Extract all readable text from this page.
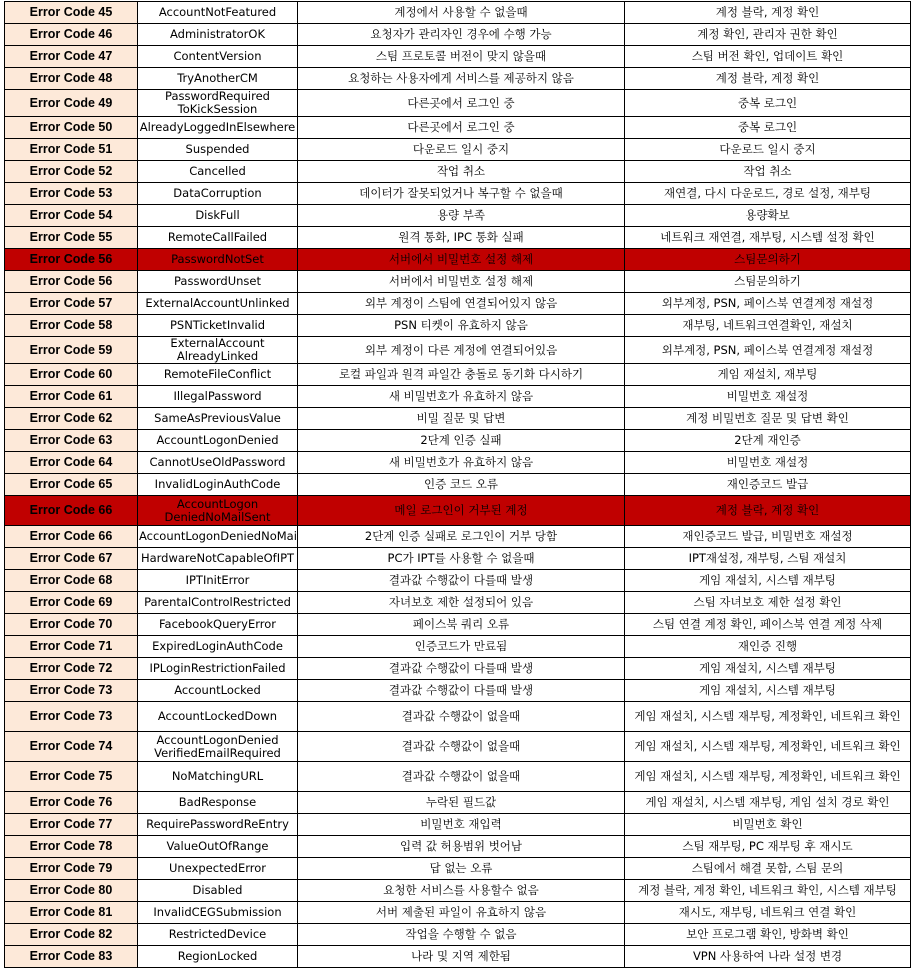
Error Code 45	AccountNotFeatured	계정에서 사용할 수 없을때	계정 블락, 계정 확인
Error Code 46	AdministratorOK	요청자가 관리자인 경우에 수행 가능	계정 확인, 관리자 권한 확인
Error Code 47	ContentVersion	스팀 프로토콜 버전이 맞지 않을때	스팀 버전 확인, 업데이트 확인
Error Code 48	TryAnotherCM	요청하는 사용자에게 서비스를 제공하지 않음	계정 블락, 계정 확인
Error Code 49	PasswordRequired ToKickSession	다른곳에서 로그인 중	중복 로그인
Error Code 50	AlreadyLoggedInElsewhere	다른곳에서 로그인 중	중복 로그인
Error Code 51	Suspended	다운로드 일시 중지	다운로드 일시 중지
Error Code 52	Cancelled	작업 취소	작업 취소
Error Code 53	DataCorruption	데이터가 잘못되었거나 복구할 수 없을때	재연결, 다시 다운로드, 경로 설정, 재부팅
Error Code 54	DiskFull	용량 부족	용량확보
Error Code 55	RemoteCallFailed	원격 통화, IPC 통화 실패	네트워크 재연결, 재부팅, 시스템 설정 확인
Error Code 56	PasswordNotSet	서버에서 비밀번호 설정 해제	스팀문의하기
Error Code 56	PasswordUnset	서버에서 비밀번호 설정 해제	스팀문의하기
Error Code 57	ExternalAccountUnlinked	외부 계정이 스팀에 연결되어있지 않음	외부계정, PSN, 페이스북 연결계정 재설정
Error Code 58	PSNTicketInvalid	PSN 티켓이 유효하지 않음	재부팅, 네트워크연결확인, 재설치
Error Code 59	ExternalAccount AlreadyLinked	외부 계정이 다른 계정에 연결되어있음	외부계정, PSN, 페이스북 연결계정 재설정
Error Code 60	RemoteFileConflict	로컬 파일과 원격 파일간 충돌로 동기화 다시하기	게임 재설치, 재부팅
Error Code 61	IllegalPassword	새 비밀번호가 유효하지 않음	비밀번호 재설정
Error Code 62	SameAsPreviousValue	비밀 질문 및 답변	계정 비밀번호 질문 및 답변 확인
Error Code 63	AccountLogonDenied	2단계 인증 실패	2단계 재인증
Error Code 64	CannotUseOldPassword	새 비밀번호가 유효하지 않음	비밀번호 재설정
Error Code 65	InvalidLoginAuthCode	인증 코드 오류	재인증코드 발급
Error Code 66	AccountLogon DeniedNoMailSent	메일 로그인이 거부된 계정	계정 블락, 계정 확인
Error Code 66	AccountLogonDeniedNoMai	2단계 인증 실패로 로그인이 거부 당함	재인증코드 발급, 비밀번호 재설정
Error Code 67	HardwareNotCapableOfIPT	PC가 IPT를 사용할 수 없을때	IPT재설정, 재부팅, 스팀 재설치
Error Code 68	IPTInitError	결과값 수행값이 다를때 발생	게임 재설치, 시스템 재부팅
Error Code 69	ParentalControlRestricted	자녀보호 제한 설정되어 있음	스팀 자녀보호 제한 설정 확인
Error Code 70	FacebookQueryError	페이스북 쿼리 오류	스팀 연결 계정 확인, 페이스북 연결 계정 삭제
Error Code 71	ExpiredLoginAuthCode	인증코드가 만료됨	재인증 진행
Error Code 72	IPLoginRestrictionFailed	결과값 수행값이 다를때 발생	게임 재설치, 시스템 재부팅
Error Code 73	AccountLocked	결과값 수행값이 다를때 발생	게임 재설치, 시스템 재부팅
Error Code 73	AccountLockedDown	결과값 수행값이 없을때	게임 재설치, 시스템 재부팅, 계정확인, 네트워크 확인
Error Code 74	AccountLogonDenied VerifiedEmailRequired	결과값 수행값이 없을때	게임 재설치, 시스템 재부팅, 계정확인, 네트워크 확인
Error Code 75	NoMatchingURL	결과값 수행값이 없을때	게임 재설치, 시스템 재부팅, 계정확인, 네트워크 확인
Error Code 76	BadResponse	누락된 필드값	게임 재설치, 시스템 재부팅, 게임 설치 경로 확인
Error Code 77	RequirePasswordReEntry	비밀번호 재입력	비밀번호 확인
Error Code 78	ValueOutOfRange	입력 값 허용범위 벗어남	스팀 재부팅, PC 재부팅 후 재시도
Error Code 79	UnexpectedError	답 없는 오류	스팀에서 해결 못함, 스팀 문의
Error Code 80	Disabled	요청한 서비스를 사용할수 없음	계정 블락, 계정 확인, 네트워크 확인, 시스템 재부팅
Error Code 81	InvalidCEGSubmission	서버 제출된 파일이 유효하지 않음	재시도, 재부팅, 네트워크 연결 확인
Error Code 82	RestrictedDevice	작업을 수행할 수 없음	보안 프로그램 확인, 방화벽 확인
Error Code 83	RegionLocked	나라 및 지역 제한됨	VPN 사용하여 나라 설정 변경
